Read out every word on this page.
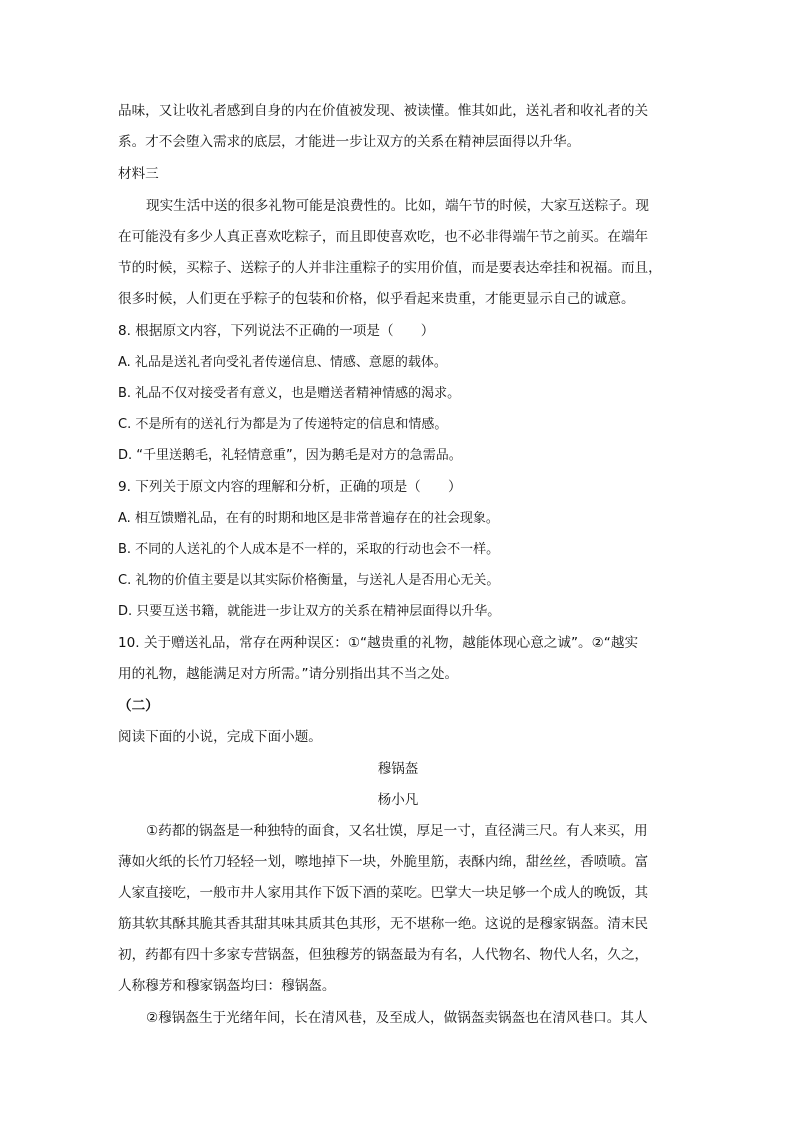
品味，又让收礼者感到自身的内在价值被发现、被读懂。惟其如此，送礼者和收礼者的关
系。才不会堕入需求的底层，才能进一步让双方的关系在精神层面得以升华。
材料三
现实生活中送的很多礼物可能是浪费性的。比如，端午节的时候，大家互送粽子。现
在可能没有多少人真正喜欢吃粽子，而且即使喜欢吃，也不必非得端午节之前买。在端年
节的时候，买粽子、送粽子的人并非注重粽子的实用价值，而是要表达牵挂和祝福。而且，
很多时候，人们更在乎粽子的包装和价格，似乎看起来贵重，才能更显示自己的诚意。
8. 根据原文内容，下列说法不正确的一项是（　　）
A. 礼品是送礼者向受礼者传递信息、情感、意愿的载体。
B. 礼品不仅对接受者有意义，也是赠送者精神情感的渴求。
C. 不是所有的送礼行为都是为了传递特定的信息和情感。
D. “千里送鹅毛，礼轻情意重”，因为鹅毛是对方的急需品。
9. 下列关于原文内容的理解和分析，正确的项是（　　）
A. 相互馈赠礼品，在有的时期和地区是非常普遍存在的社会现象。
B. 不同的人送礼的个人成本是不一样的，采取的行动也会不一样。
C. 礼物的价值主要是以其实际价格衡量，与送礼人是否用心无关。
D. 只要互送书籍，就能进一步让双方的关系在精神层面得以升华。
10. 关于赠送礼品，常存在两种误区：①“越贵重的礼物，越能体现心意之诚”。②“越实
用的礼物，越能满足对方所需。”请分别指出其不当之处。
（二）
阅读下面的小说，完成下面小题。
穆锅盔
杨小凡
①药都的锅盔是一种独特的面食，又名壮馍，厚足一寸，直径满三尺。有人来买，用
薄如火纸的长竹刀轻轻一划，嚓地掉下一块，外脆里筋，表酥内绵，甜丝丝，香喷喷。富
人家直接吃，一般市井人家用其作下饭下酒的菜吃。巴掌大一块足够一个成人的晚饭，其
筋其软其酥其脆其香其甜其味其质其色其形，无不堪称一绝。这说的是穆家锅盔。清末民
初，药都有四十多家专营锅盔，但独穆芳的锅盔最为有名，人代物名、物代人名，久之，
人称穆芳和穆家锅盔均曰：穆锅盔。
②穆锅盔生于光绪年间，长在清风巷，及至成人，做锅盔卖锅盔也在清风巷口。其人
